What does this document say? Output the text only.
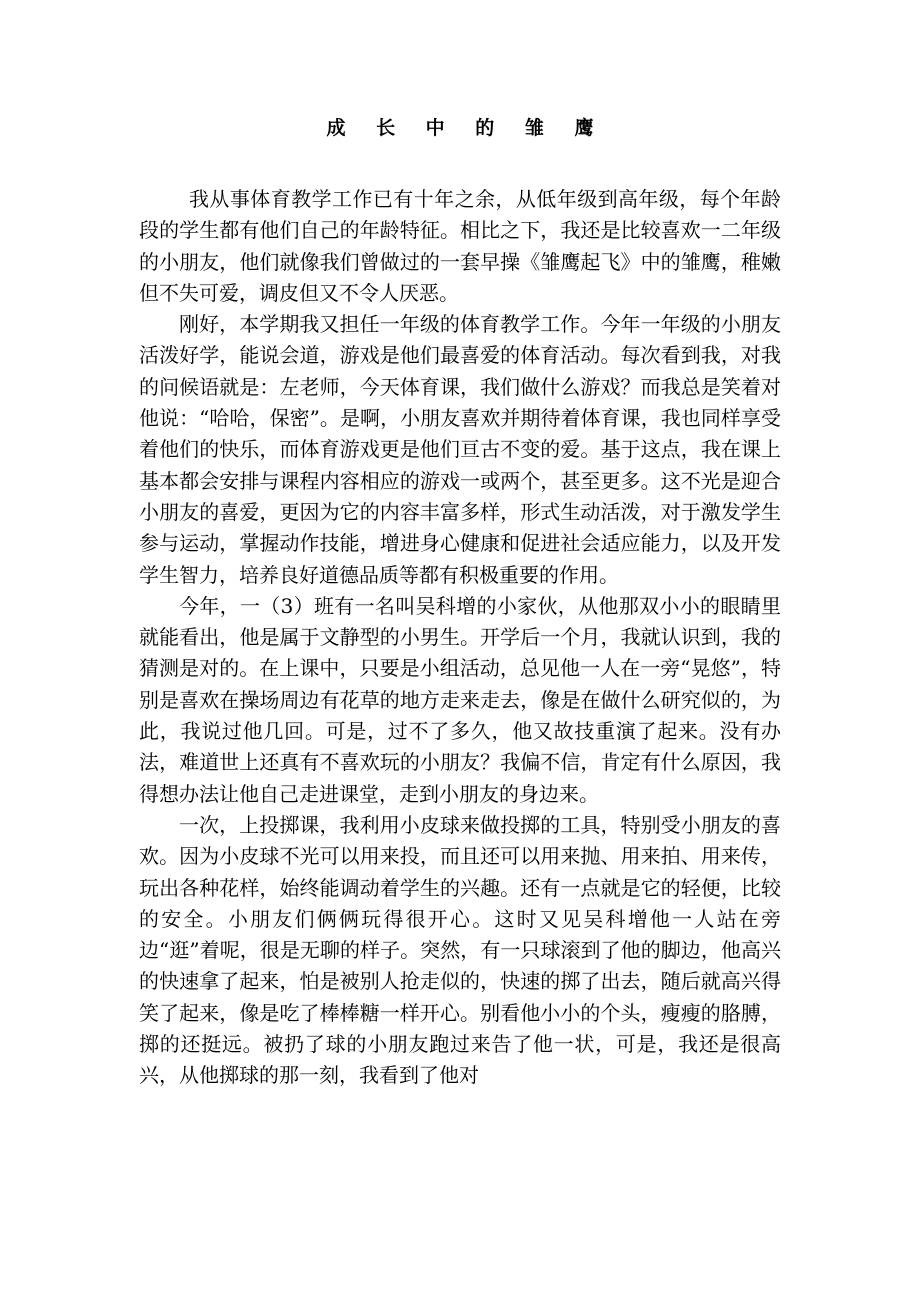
成 长 中 的 雏 鹰

我从事体育教学工作已有十年之余，从低年级到高年级，每个年龄段的学生都有他们自己的年龄特征。相比之下，我还是比较喜欢一二年级的小朋友，他们就像我们曾做过的一套早操《雏鹰起飞》中的雏鹰，稚嫩但不失可爱，调皮但又不令人厌恶。

刚好，本学期我又担任一年级的体育教学工作。今年一年级的小朋友活泼好学，能说会道，游戏是他们最喜爱的体育活动。每次看到我，对我的问候语就是：左老师，今天体育课，我们做什么游戏？而我总是笑着对他说：“哈哈，保密”。是啊，小朋友喜欢并期待着体育课，我也同样享受着他们的快乐，而体育游戏更是他们亘古不变的爱。基于这点，我在课上基本都会安排与课程内容相应的游戏一或两个，甚至更多。这不光是迎合小朋友的喜爱，更因为它的内容丰富多样，形式生动活泼，对于激发学生参与运动，掌握动作技能，增进身心健康和促进社会适应能力，以及开发学生智力，培养良好道德品质等都有积极重要的作用。

今年，一（3）班有一名叫吴科增的小家伙，从他那双小小的眼睛里就能看出，他是属于文静型的小男生。开学后一个月，我就认识到，我的猜测是对的。在上课中，只要是小组活动，总见他一人在一旁“晃悠”，特别是喜欢在操场周边有花草的地方走来走去，像是在做什么研究似的，为此，我说过他几回。可是，过不了多久，他又故技重演了起来。没有办法，难道世上还真有不喜欢玩的小朋友？我偏不信，肯定有什么原因，我得想办法让他自己走进课堂，走到小朋友的身边来。

一次，上投掷课，我利用小皮球来做投掷的工具，特别受小朋友的喜欢。因为小皮球不光可以用来投，而且还可以用来抛、用来拍、用来传，玩出各种花样，始终能调动着学生的兴趣。还有一点就是它的轻便，比较的安全。小朋友们俩俩玩得很开心。这时又见吴科增他一人站在旁边“逛”着呢，很是无聊的样子。突然，有一只球滚到了他的脚边，他高兴的快速拿了起来，怕是被别人抢走似的，快速的掷了出去，随后就高兴得笑了起来，像是吃了棒棒糖一样开心。别看他小小的个头，瘦瘦的胳膊，掷的还挺远。被扔了球的小朋友跑过来告了他一状，可是，我还是很高兴，从他掷球的那一刻，我看到了他对
